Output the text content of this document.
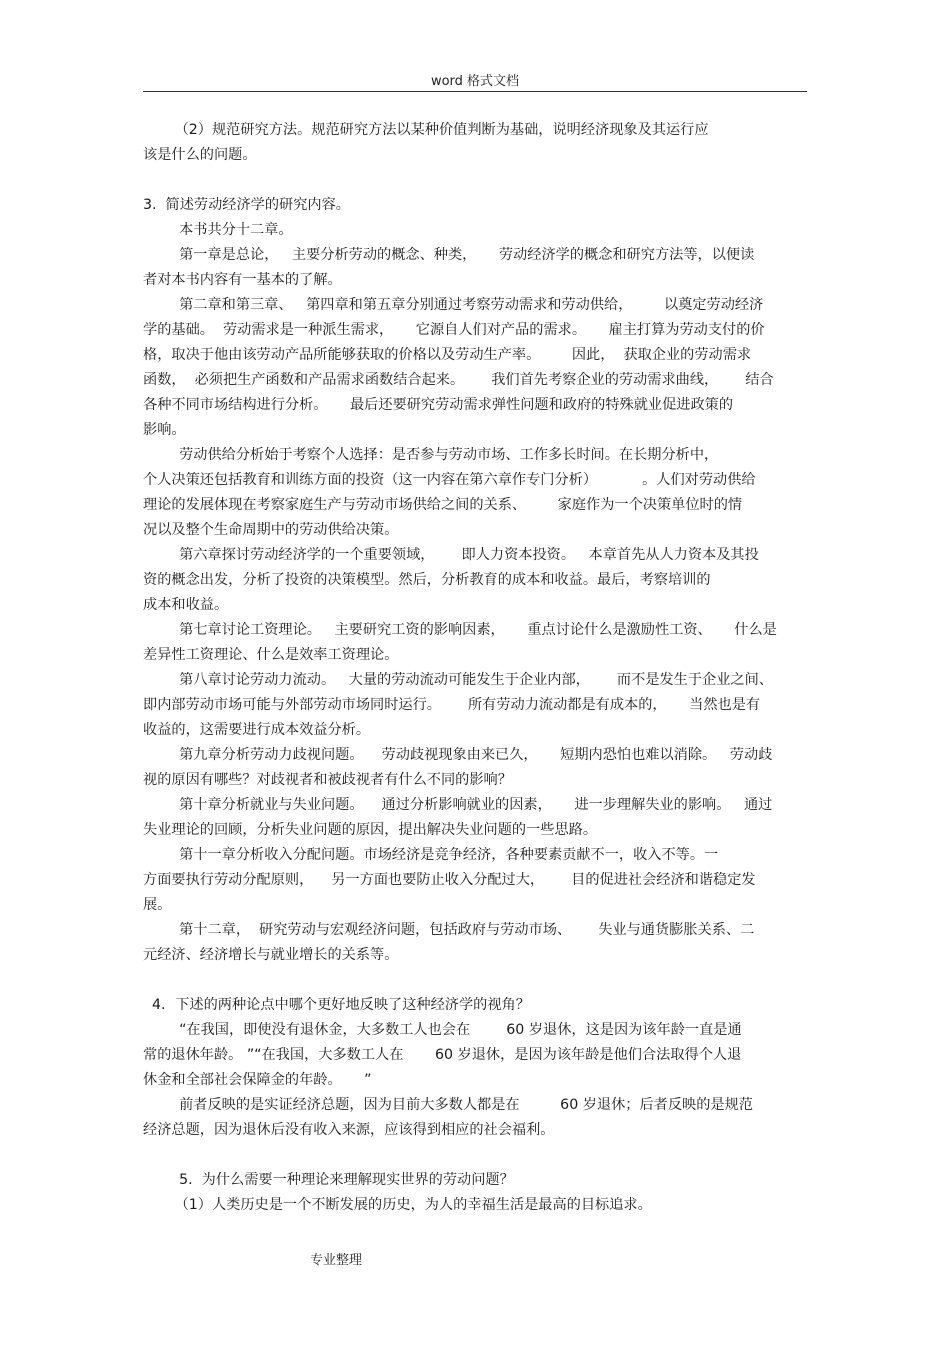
word 格式文档
（2）规范研究方法。规范研究方法以某种价值判断为基础，说明经济现象及其运行应
该是什么的问题。
3.  简述劳动经济学的研究内容。
本书共分十二章。
第一章是总论，   主要分析劳动的概念、种类，     劳动经济学的概念和研究方法等，以便读
者对本书内容有一基本的了解。
第二章和第三章、   第四章和第五章分别通过考察劳动需求和劳动供给，       以奠定劳动经济
学的基础。  劳动需求是一种派生需求，     它源自人们对产品的需求。     雇主打算为劳动支付的价
格，取决于他由该劳动产品所能够获取的价格以及劳动生产率。       因此，  获取企业的劳动需求
函数，  必须把生产函数和产品需求函数结合起来。      我们首先考察企业的劳动需求曲线，      结合
各种不同市场结构进行分析。     最后还要研究劳动需求弹性问题和政府的特殊就业促进政策的
影响。
劳动供给分析始于考察个人选择：是否参与劳动市场、工作多长时间。在长期分析中，
个人决策还包括教育和训练方面的投资（这一内容在第六章作专门分析）          。人们对劳动供给
理论的发展体现在考察家庭生产与劳动市场供给之间的关系、       家庭作为一个决策单位时的情
况以及整个生命周期中的劳动供给决策。
第六章探讨劳动经济学的一个重要领域，      即人力资本投资。   本章首先从人力资本及其投
资的概念出发，分析了投资的决策模型。然后，分析教育的成本和收益。最后，考察培训的
成本和收益。
第七章讨论工资理论。   主要研究工资的影响因素，     重点讨论什么是激励性工资、     什么是
差异性工资理论、什么是效率工资理论。
第八章讨论劳动力流动。   大量的劳动流动可能发生于企业内部，      而不是发生于企业之间、
即内部劳动市场可能与外部劳动市场同时运行。      所有劳动力流动都是有成本的，     当然也是有
收益的，这需要进行成本效益分析。
第九章分析劳动力歧视问题。    劳动歧视现象由来已久，     短期内恐怕也难以消除。   劳动歧
视的原因有哪些？对歧视者和被歧视者有什么不同的影响？
第十章分析就业与失业问题。    通过分析影响就业的因素，     进一步理解失业的影响。   通过
失业理论的回顾，分析失业问题的原因，提出解决失业问题的一些思路。
第十一章分析收入分配问题。市场经济是竞争经济，各种要素贡献不一，收入不等。一
方面要执行劳动分配原则，    另一方面也要防止收入分配过大，      目的促进社会经济和谐稳定发
展。
第十二章，  研究劳动与宏观经济问题，包括政府与劳动市场、      失业与通货膨胀关系、二
元经济、经济增长与就业增长的关系等。
4．下述的两种论点中哪个更好地反映了这种经济学的视角？
“在我国，即使没有退休金，大多数工人也会在        60 岁退休，这是因为该年龄一直是通
常的退休年龄。 ”“在我国，大多数工人在       60 岁退休，是因为该年龄是他们合法取得个人退
休金和全部社会保障金的年龄。     ”
前者反映的是实证经济总题，因为目前大多数人都是在         60 岁退休；后者反映的是规范
经济总题，因为退休后没有收入来源，应该得到相应的社会福利。
5.  为什么需要一种理论来理解现实世界的劳动问题？
（1）人类历史是一个不断发展的历史，为人的幸福生活是最高的目标追求。
专业整理
